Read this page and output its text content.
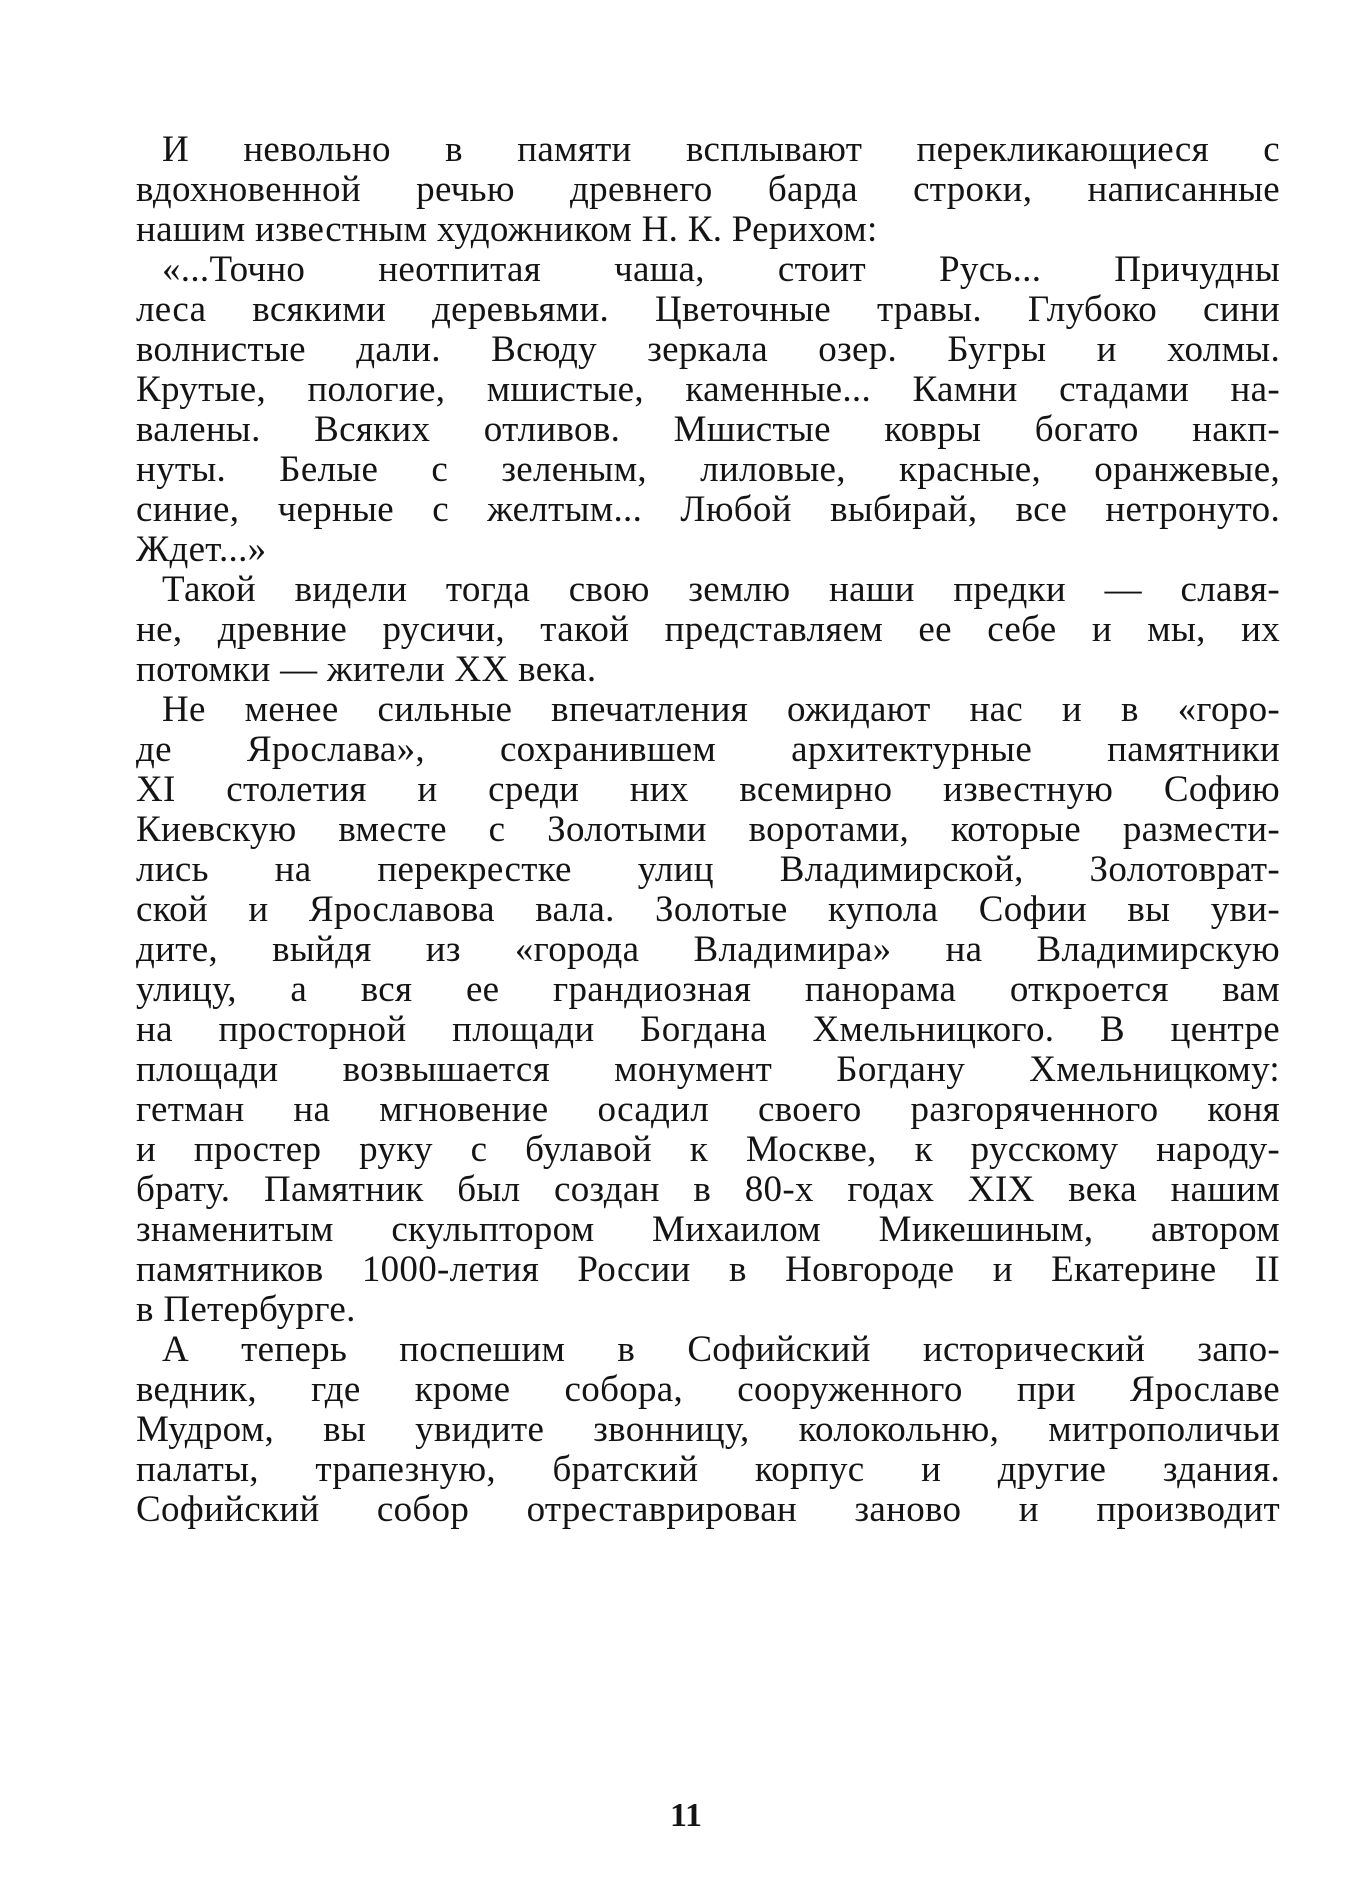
И невольно в памяти всплывают перекликающиеся с
вдохновенной речью древнего барда строки, написанные
нашим известным художником Н. К. Рерихом:
«...Точно неотпитая чаша, стоит Русь... Причудны
леса всякими деревьями. Цветочные травы. Глубоко сини
волнистые дали. Всюду зеркала озер. Бугры и холмы.
Крутые, пологие, мшистые, каменные... Камни стадами на-
валены. Всяких отливов. Мшистые ковры богато накп-
нуты. Белые с зеленым, лиловые, красные, оранжевые,
синие, черные с желтым... Любой выбирай, все нетронуто.
Ждет...»
Такой видели тогда свою землю наши предки — славя-
не, древние русичи, такой представляем ее себе и мы, их
потомки — жители XX века.
Не менее сильные впечатления ожидают нас и в «горо-
де Ярослава», сохранившем архитектурные памятники
XI столетия и среди них всемирно известную Софию
Киевскую вместе с Золотыми воротами, которые размести-
лись на перекрестке улиц Владимирской, Золотоврат-
ской и Ярославова вала. Золотые купола Софии вы уви-
дите, выйдя из «города Владимира» на Владимирскую
улицу, а вся ее грандиозная панорама откроется вам
на просторной площади Богдана Хмельницкого. В центре
площади возвышается монумент Богдану Хмельницкому:
гетман на мгновение осадил своего разгоряченного коня
и простер руку с булавой к Москве, к русскому народу-
брату. Памятник был создан в 80-х годах XIX века нашим
знаменитым скульптором Михаилом Микешиным, автором
памятников 1000-летия России в Новгороде и Екатерине II
в Петербурге.
А теперь поспешим в Софийский исторический запо-
ведник, где кроме собора, сооруженного при Ярославе
Мудром, вы увидите звонницу, колокольню, митрополичьи
палаты, трапезную, братский корпус и другие здания.
Софийский собор отреставрирован заново и производит
11
